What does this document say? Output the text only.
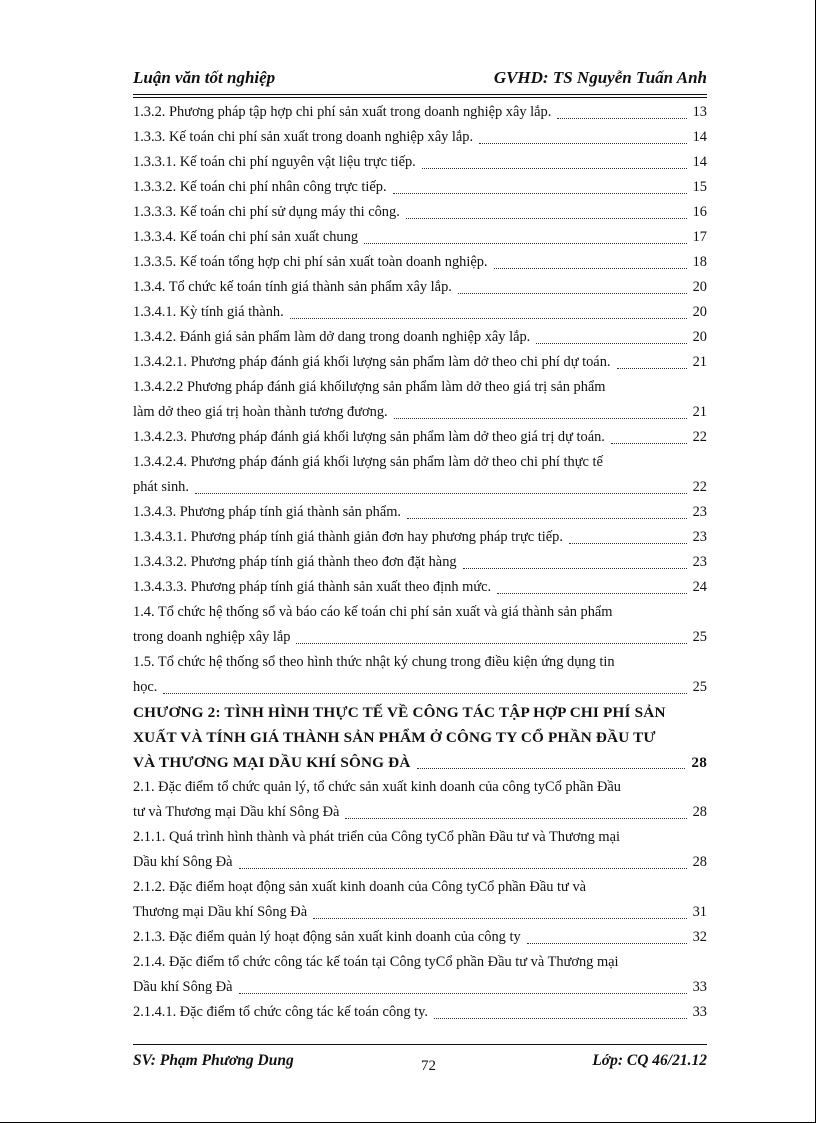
Luận văn tốt nghiệp	GVHD: TS Nguyễn Tuấn Anh
1.3.2. Phương pháp tập hợp chi phí sản xuất trong doanh nghiệp xây lắp.	13
1.3.3. Kế toán chi phí sản xuất trong doanh nghiệp xây lắp.	14
1.3.3.1. Kế toán chi phí nguyên vật liệu trực tiếp.	14
1.3.3.2. Kế toán chi phí nhân công trực tiếp.	15
1.3.3.3. Kế toán chi phí sử dụng máy thi công.	16
1.3.3.4. Kế toán chi phí sản xuất chung	17
1.3.3.5. Kế toán tổng hợp chi phí sản xuất toàn doanh nghiệp.	18
1.3.4. Tổ chức kế toán tính giá thành sản phẩm xây lắp.	20
1.3.4.1. Kỳ tính giá thành.	20
1.3.4.2. Đánh giá sản phẩm làm dở dang trong doanh nghiệp xây lắp.	20
1.3.4.2.1. Phương pháp đánh giá khối lượng sản phẩm làm dở theo chi phí dự toán.	21
1.3.4.2.2 Phương pháp đánh giá khốilượng sản phẩm làm dở theo giá trị sản phẩm
làm dở theo giá trị hoàn thành tương đương.	21
1.3.4.2.3. Phương pháp đánh giá khối lượng sản phẩm làm dở theo giá trị dự toán.	22
1.3.4.2.4. Phương pháp đánh giá khối lượng sản phẩm làm dở theo chi phí thực tế
phát sinh.	22
1.3.4.3. Phương pháp tính giá thành sản phẩm.	23
1.3.4.3.1. Phương pháp tính giá thành giản đơn hay phương pháp trực tiếp.	23
1.3.4.3.2. Phương pháp tính giá thành theo đơn đặt hàng	23
1.3.4.3.3. Phương pháp tính giá thành sản xuất theo định mức.	24
1.4. Tổ chức hệ thống sổ và báo cáo kế toán chi phí sản xuất và giá thành sản phẩm
trong doanh nghiệp xây lắp	25
1.5. Tổ chức hệ thống sổ theo hình thức nhật ký chung trong điều kiện ứng dụng tin
học.	25
CHƯƠNG 2: TÌNH HÌNH THỰC TẾ VỀ CÔNG TÁC TẬP HỢP CHI PHÍ SẢN
XUẤT VÀ TÍNH GIÁ THÀNH SẢN PHẨM Ở CÔNG TY CỔ PHẦN ĐẦU TƯ
VÀ THƯƠNG MẠI DẦU KHÍ SÔNG ĐÀ	28
2.1. Đặc điểm tổ chức quản lý, tổ chức sản xuất kinh doanh của công tyCổ phần Đầu
tư và Thương mại Dầu khí Sông Đà	28
2.1.1. Quá trình hình thành và phát triển của Công tyCổ phần Đầu tư và Thương mại
Dầu khí Sông Đà	28
2.1.2. Đặc điểm hoạt động sản xuất kinh doanh của Công tyCổ phần Đầu tư và
Thương mại Dầu khí Sông Đà	31
2.1.3. Đặc điểm quản lý hoạt động sản xuất kinh doanh của công ty	32
2.1.4. Đặc điểm tổ chức công tác kế toán tại Công tyCổ phần Đầu tư và Thương mại
Dầu khí Sông Đà	33
2.1.4.1. Đặc điểm tổ chức công tác kế toán công ty.	33
SV: Phạm Phương Dung	72	Lớp: CQ 46/21.12
